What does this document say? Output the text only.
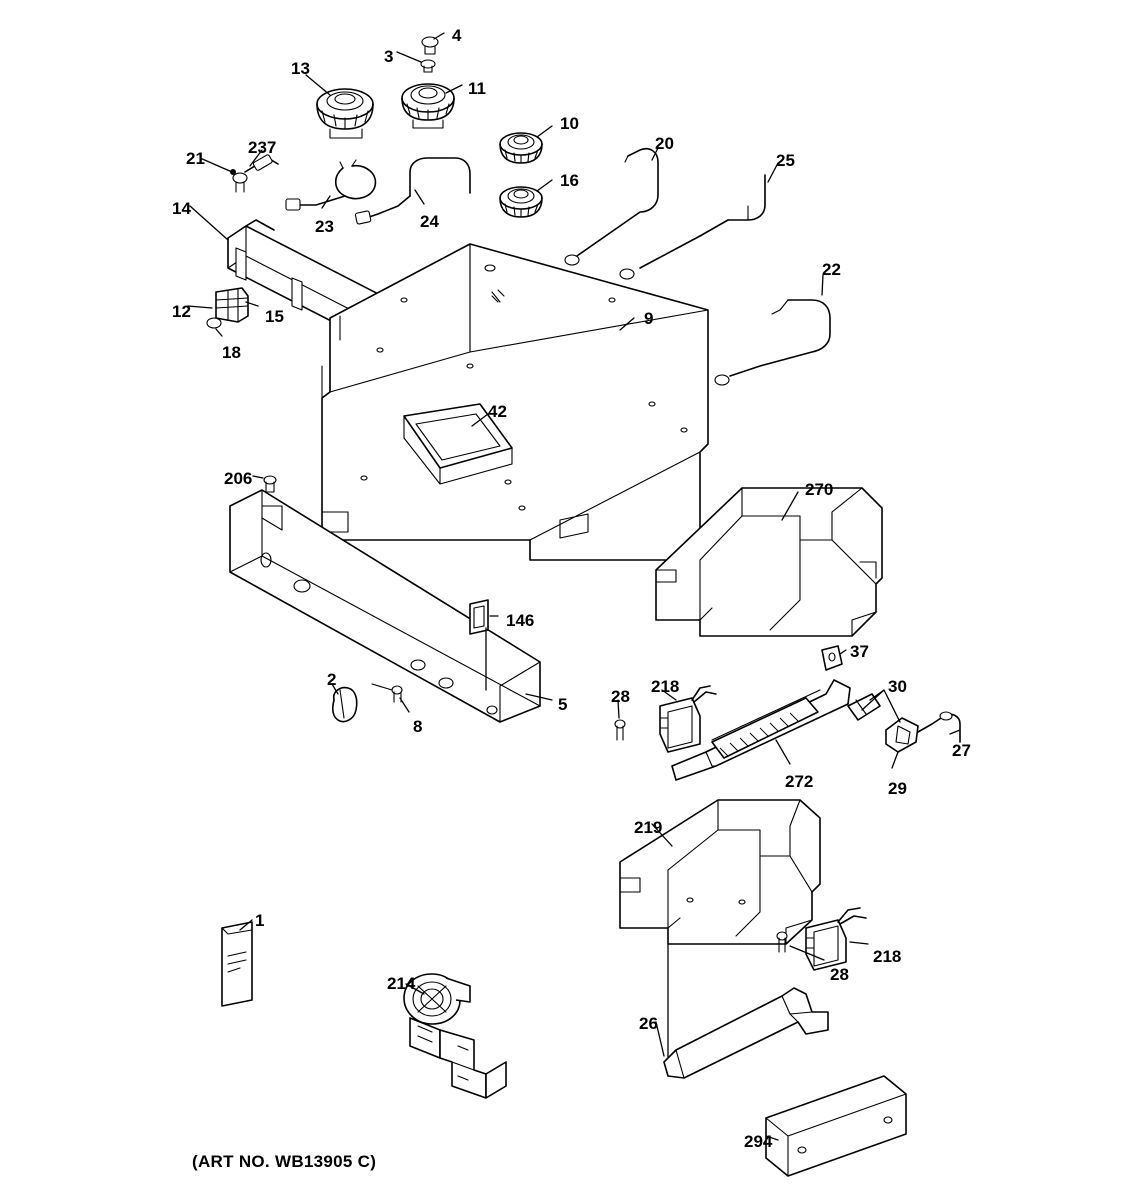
4
3
13
11
10
20
25
21
237
16
14
23	24
22
9
12	15
18
42
206
270
146
37
218	30
2
28
5
8
27
272	29
219
1
218
28
214
26
294
(ART NO. WB13905 C)
